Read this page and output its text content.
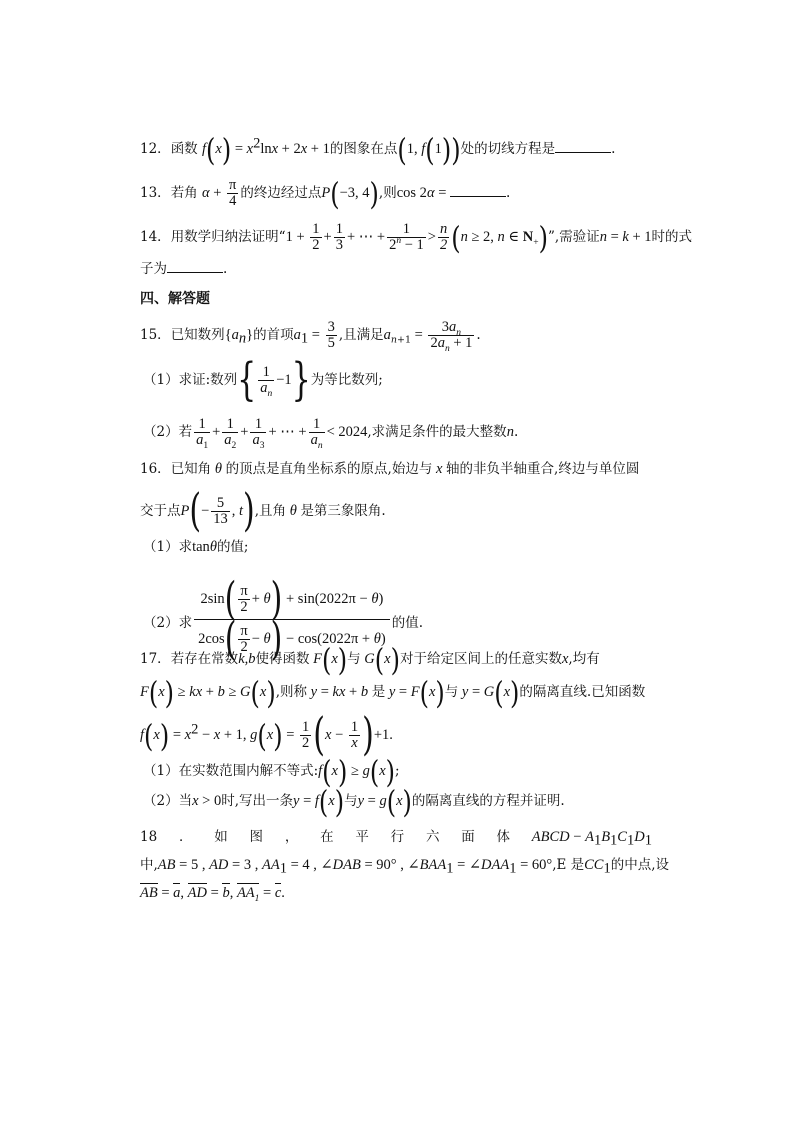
12．函数 $f(x) = x^2\ln x + 2x + 1$的图象在点(1, f(1))处的切线方程是	.
13．若角 $\alpha + \frac{\pi}{4}$ 的终边经过点P(−3, 4),则cos 2α =	.
14．用数学归纳法证明“$1 + \frac{1}{2} + \frac{1}{3}$ + ⋯ + $\frac{1}{2^n - 1} > \frac{n}{2} (n \ge 2$, n ∈ $N_+$)”,需验证n = k + 1时的式
子为	.
四、解答题
15．已知数列$\{a_n\}$的首项$a_1 = \frac{3}{5}$ ,且满足$a_{n+1} = \frac{3a_n}{2a_n + 1}$ .
（1）求证:数列{ $\frac{1}{a_n} -1$}为等比数列;
（2）若 $\frac{1}{a_1} + \frac{1}{a_2} + \frac{1}{a_3}$ + ⋯ + $\frac{1}{a_n} < 2024$,求满足条件的最大整数n.
16．已知角 θ 的顶点是直角坐标系的原点,始边与 x 轴的非负半轴重合,终边与单位圆
交于点$P(- \frac{5}{13}$ , t),且角 θ 是第三象限角.
（1）求tanθ的值;
（2）求 $\frac{2\sin( \frac{\pi}{2} + \theta) + \sin(2022\pi - \theta)}{2\cos( \frac{\pi}{2} - \theta) - \cos(2022\pi + \theta)}$ 的值.
17．若存在常数k,b使得函数 F(x)与 G(x)对于给定区间上的任意实数x,均有
F(x) ≥ kx + b ≥ G(x),则称 y = kx + b 是 y = F(x)与 y = G(x)的隔离直线.已知函数
$f(x) = x^2 - x + 1$, $g(x) = \frac{1}{2} (x - \frac{1}{x} )+1$.
（1）在实数范围内解不等式:f(x) ≥ g(x);
（2）当x > 0时,写出一条y = f(x)与y = g(x)的隔离直线的方程并证明.
18 ． 如 图 ， 在 平 行 六 面 体 ABCD − $A_1B_1C_1D_1$
中,AB = 5 , AD = 3 , $AA_1 = 4$ , ∠DAB = 90° , $\angle BAA_1$ = $\angle DAA_1 = 60^\circ,E$ 是$CC_1$的中点,设
AB = a, AD = b, $AA_1 = c$.
